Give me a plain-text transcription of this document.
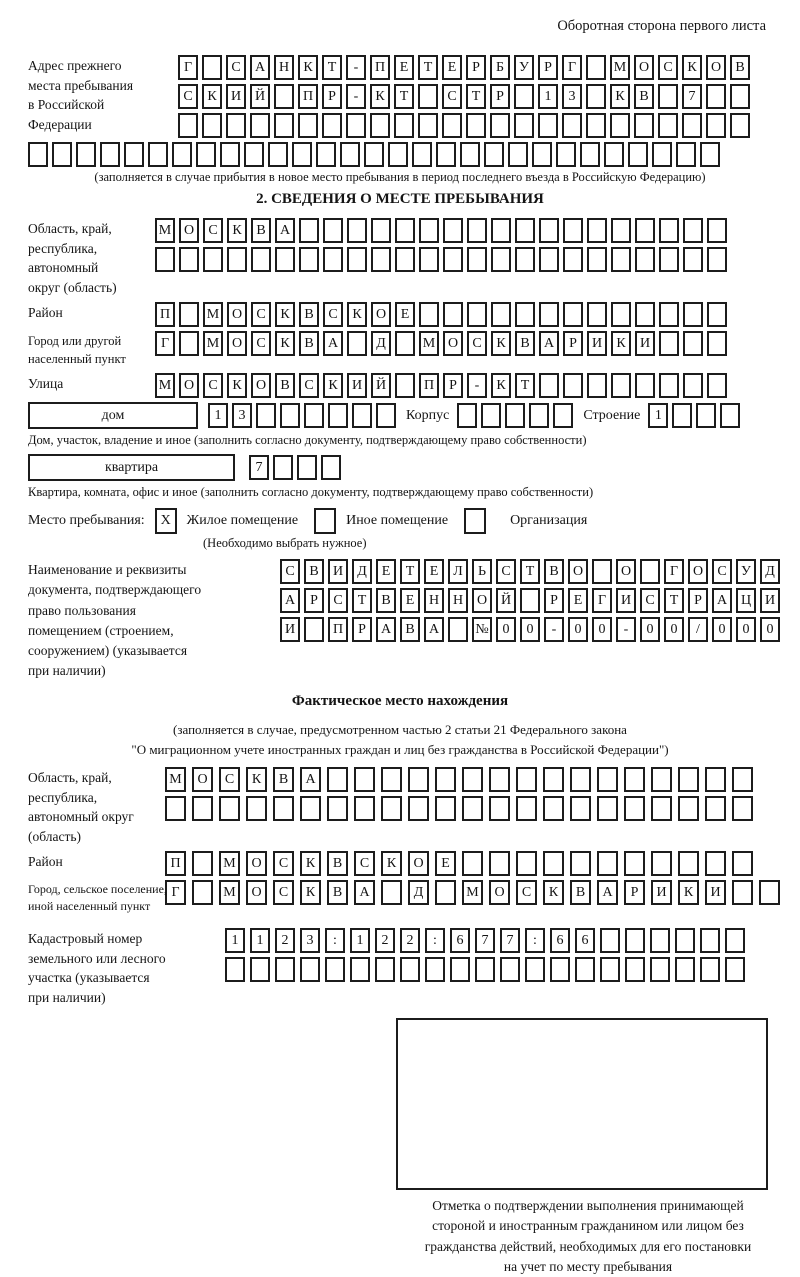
Оборотная сторона первого листа
Адрес прежнего
места пребывания
в Российской
Федерации
Г	С	А Н	К	Т	-	П	Е	Т	Е	Р	Б	У	Р	Г	М О	С	К	О	В
С	К	И Й	П	Р	-	К	Т	С	Т	Р	1	3	К	В	7
(заполняется в случае прибытия в новое место пребывания в период последнего въезда в Российскую Федерацию)
2. СВЕДЕНИЯ О МЕСТЕ ПРЕБЫВАНИЯ
Область, край,
республика,
автономный
округ (область)
М О	С	К	В	А
Район	П	М О	С	К	В	С	К	О	Е
Город или другой
населенный пункт
Г	М О	С	К	В	А	Д	М О	С	К	В	А	Р	И	К	И
Улица	М О	С	К	О	В	С	К	И Й	П	Р	-	К	Т
дом	1	3	Корпус	Строение	1
Дом, участок, владение и иное (заполнить согласно документу, подтверждающему право собственности)
квартира	7
Квартира, комната, офис и иное (заполнить согласно документу, подтверждающему право собственности)
Место пребывания:	X	Жилое помещение	Иное помещение	Организация
(Необходимо выбрать нужное)
Наименование и реквизиты
документа, подтверждающего
право пользования
помещением (строением,
сооружением) (указывается
при наличии)
С	В	И	Д	Е	Т	Е	Л	Ь	С	Т	В	О	О	Г	О	С	У	Д
А	Р	С	Т	В	Е	Н Н О Й	Р	Е	Г	И	С	Т	Р	А Ц И
И	П	Р	А	В	А	№ 0	0	-	0	0	-	0	0	/	0	0	0
Фактическое место нахождения
(заполняется в случае, предусмотренном частью 2 статьи 21 Федерального закона
"О миграционном учете иностранных граждан и лиц без гражданства в Российской Федерации")
Область, край,
республика,
автономный округ
(область)
М	О	С	К	В	А
Район	П	М	О	С	К	В	С	К	О	Е
Город, сельское поселение,
иной населенный пункт
Г	М	О	С	К	В	А	Д	М	О	С	К	В	А	Р	И	К	И
Кадастровый номер
земельного или лесного
участка (указывается
при наличии)
1	1	2	3	:	1	2	2	:	6	7	7	:	6	6
Отметка о подтверждении выполнения принимающей
стороной и иностранным гражданином или лицом без
гражданства действий, необходимых для его постановки
на учет по месту пребывания
